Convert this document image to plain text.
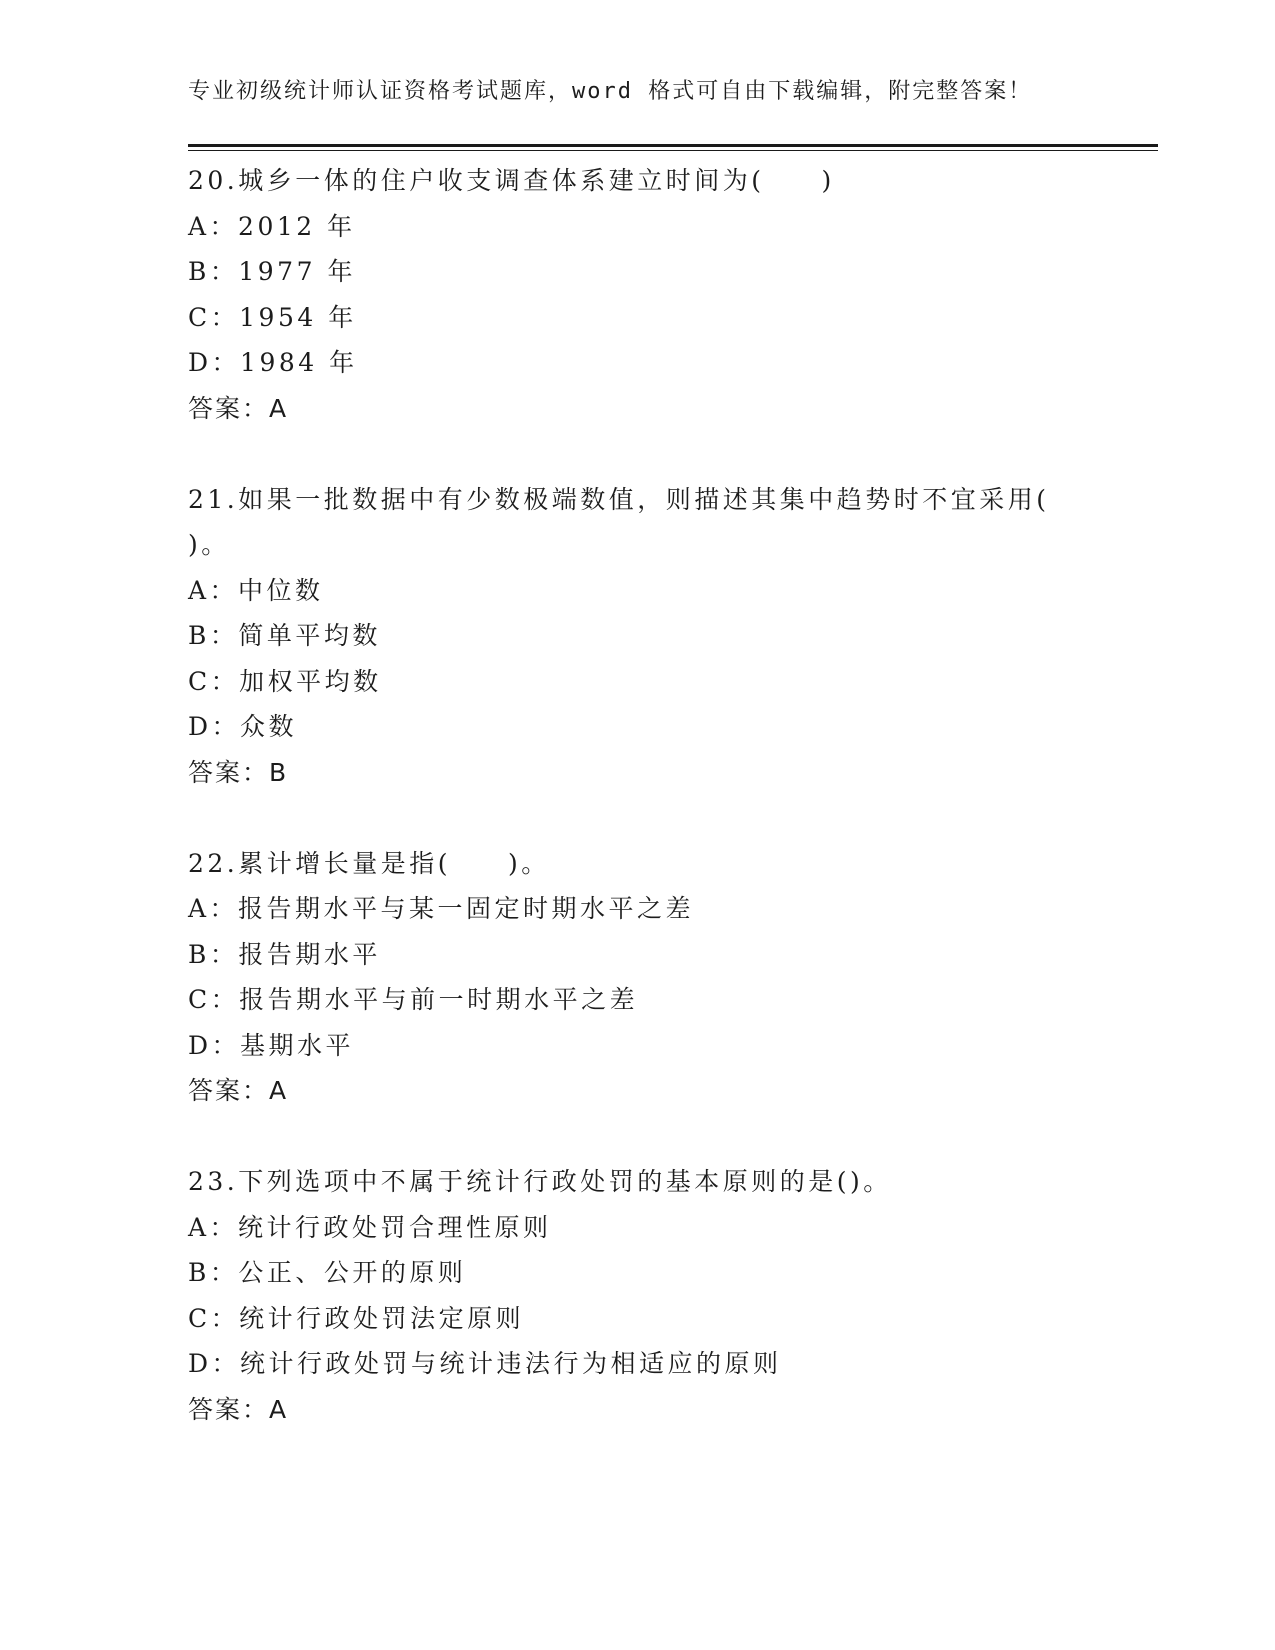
专业初级统计师认证资格考试题库，word 格式可自由下载编辑，附完整答案！
20.城乡一体的住户收支调查体系建立时间为(　　)
A：2012 年
B：1977 年
C：1954 年
D：1984 年
答案：A
21.如果一批数据中有少数极端数值，则描述其集中趋势时不宜采用(
)。
A：中位数
B：简单平均数
C：加权平均数
D：众数
答案：B
22.累计增长量是指(　　)。
A：报告期水平与某一固定时期水平之差
B：报告期水平
C：报告期水平与前一时期水平之差
D：基期水平
答案：A
23.下列选项中不属于统计行政处罚的基本原则的是()。
A：统计行政处罚合理性原则
B：公正、公开的原则
C：统计行政处罚法定原则
D：统计行政处罚与统计违法行为相适应的原则
答案：A
